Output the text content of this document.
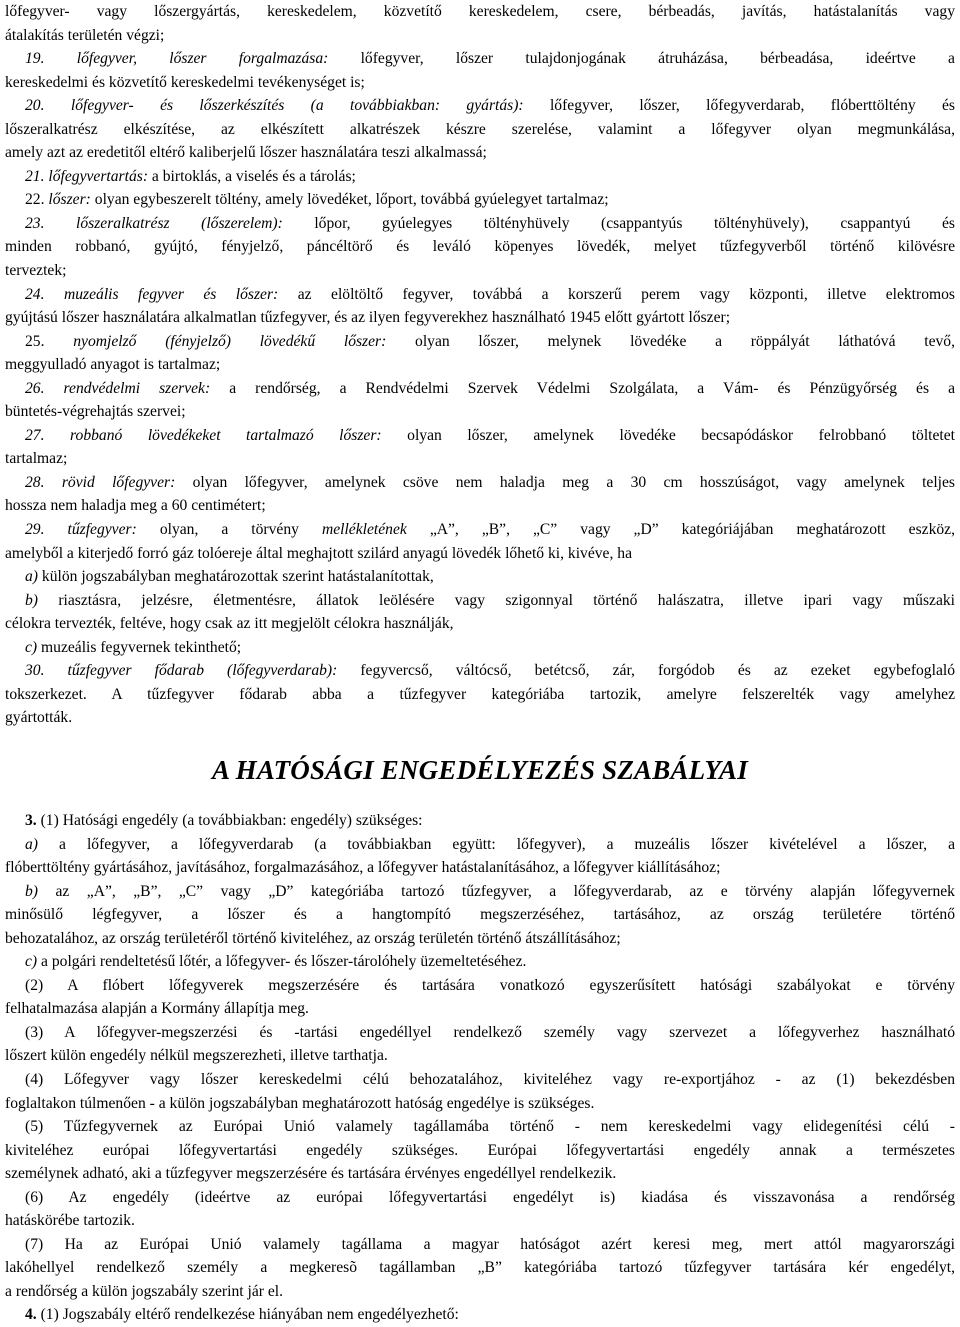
lőfegyver- vagy lőszergyártás, kereskedelem, közvetítő kereskedelem, csere, bérbeadás, javítás, hatástalanítás vagy
átalakítás területén végzi;
19. lőfegyver, lőszer forgalmazása: lőfegyver, lőszer tulajdonjogának átruházása, bérbeadása, ideértve a
kereskedelmi és közvetítő kereskedelmi tevékenységet is;
20. lőfegyver- és lőszerkészítés (a továbbiakban: gyártás): lőfegyver, lőszer, lőfegyverdarab, flóberttöltény és
lőszeralkatrész elkészítése, az elkészített alkatrészek készre szerelése, valamint a lőfegyver olyan megmunkálása,
amely azt az eredetitől eltérő kaliberjelű lőszer használatára teszi alkalmassá;
21. lőfegyvertartás: a birtoklás, a viselés és a tárolás;
22. lőszer: olyan egybeszerelt töltény, amely lövedéket, lőport, továbbá gyúelegyet tartalmaz;
23. lőszeralkatrész (lőszerelem): lőpor, gyúelegyes töltényhüvely (csappantyús töltényhüvely), csappantyú és
minden robbanó, gyújtó, fényjelző, páncéltörő és leváló köpenyes lövedék, melyet tűzfegyverből történő kilövésre
terveztek;
24. muzeális fegyver és lőszer: az elöltöltő fegyver, továbbá a korszerű perem vagy központi, illetve elektromos
gyújtású lőszer használatára alkalmatlan tűzfegyver, és az ilyen fegyverekhez használható 1945 előtt gyártott lőszer;
25. nyomjelző (fényjelző) lövedékű lőszer: olyan lőszer, melynek lövedéke a röppályát láthatóvá tevő,
meggyulladó anyagot is tartalmaz;
26. rendvédelmi szervek: a rendőrség, a Rendvédelmi Szervek Védelmi Szolgálata, a Vám- és Pénzügyőrség és a
büntetés-végrehajtás szervei;
27. robbanó lövedékeket tartalmazó lőszer: olyan lőszer, amelynek lövedéke becsapódáskor felrobbanó töltetet
tartalmaz;
28. rövid lőfegyver: olyan lőfegyver, amelynek csöve nem haladja meg a 30 cm hosszúságot, vagy amelynek teljes
hossza nem haladja meg a 60 centimétert;
29. tűzfegyver: olyan, a törvény mellékletének „A”, „B”, „C” vagy „D” kategóriájában meghatározott eszköz,
amelyből a kiterjedő forró gáz tolóereje által meghajtott szilárd anyagú lövedék lőhető ki, kivéve, ha
a) külön jogszabályban meghatározottak szerint hatástalanítottak,
b) riasztásra, jelzésre, életmentésre, állatok leölésére vagy szigonnyal történő halászatra, illetve ipari vagy műszaki
célokra tervezték, feltéve, hogy csak az itt megjelölt célokra használják,
c) muzeális fegyvernek tekinthető;
30. tűzfegyver fődarab (lőfegyverdarab): fegyvercső, váltócső, betétcső, zár, forgódob és az ezeket egybefoglaló
tokszerkezet. A tűzfegyver fődarab abba a tűzfegyver kategóriába tartozik, amelyre felszerelték vagy amelyhez
gyártották.
A HATÓSÁGI ENGEDÉLYEZÉS SZABÁLYAI
3. (1) Hatósági engedély (a továbbiakban: engedély) szükséges:
a) a lőfegyver, a lőfegyverdarab (a továbbiakban együtt: lőfegyver), a muzeális lőszer kivételével a lőszer, a
flóberttöltény gyártásához, javításához, forgalmazásához, a lőfegyver hatástalanításához, a lőfegyver kiállításához;
b) az „A”, „B”, „C” vagy „D” kategóriába tartozó tűzfegyver, a lőfegyverdarab, az e törvény alapján lőfegyvernek
minősülő légfegyver, a lőszer és a hangtompító megszerzéséhez, tartásához, az ország területére történő
behozatalához, az ország területéről történő kiviteléhez, az ország területén történő átszállításához;
c) a polgári rendeltetésű lőtér, a lőfegyver- és lőszer-tárolóhely üzemeltetéséhez.
(2) A flóbert lőfegyverek megszerzésére és tartására vonatkozó egyszerűsített hatósági szabályokat e törvény
felhatalmazása alapján a Kormány állapítja meg.
(3) A lőfegyver-megszerzési és -tartási engedéllyel rendelkező személy vagy szervezet a lőfegyverhez használható
lőszert külön engedély nélkül megszerezheti, illetve tarthatja.
(4) Lőfegyver vagy lőszer kereskedelmi célú behozatalához, kiviteléhez vagy re-exportjához - az (1) bekezdésben
foglaltakon túlmenően - a külön jogszabályban meghatározott hatóság engedélye is szükséges.
(5) Tűzfegyvernek az Európai Unió valamely tagállamába történő - nem kereskedelmi vagy elidegenítési célú -
kiviteléhez európai lőfegyvertartási engedély szükséges. Európai lőfegyvertartási engedély annak a természetes
személynek adható, aki a tűzfegyver megszerzésére és tartására érvényes engedéllyel rendelkezik.
(6) Az engedély (ideértve az európai lőfegyvertartási engedélyt is) kiadása és visszavonása a rendőrség
hatáskörébe tartozik.
(7) Ha az Európai Unió valamely tagállama a magyar hatóságot azért keresi meg, mert attól magyarországi
lakóhellyel rendelkező személy a megkeresõ tagállamban „B” kategóriába tartozó tűzfegyver tartására kér engedélyt,
a rendőrség a külön jogszabály szerint jár el.
4. (1) Jogszabály eltérő rendelkezése hiányában nem engedélyezhető:
